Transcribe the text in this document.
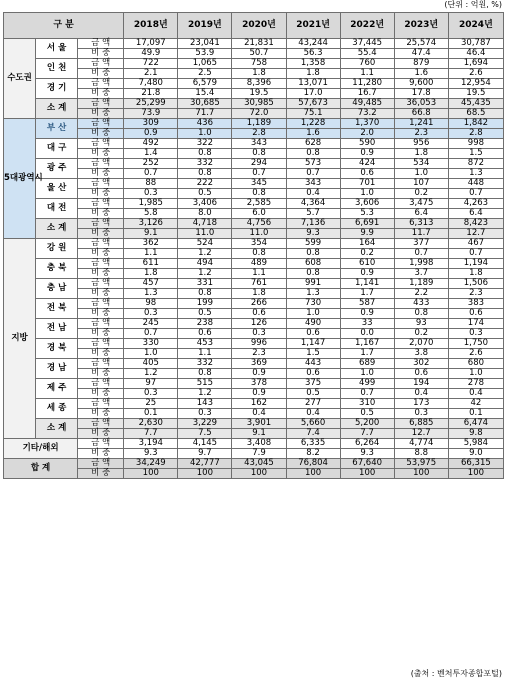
(단위 : 억원, %)
구 분			2018년	2019년	2020년	2021년	2022년	2023년	2024년
수도권	서 울	금 액	17,097	23,041	21,831	43,244	37,445	25,574	30,787
		비 중	49.9	53.9	50.7	56.3	55.4	47.4	46.4
	인 천	금 액	722	1,065	758	1,358	760	879	1,694
		비 중	2.1	2.5	1.8	1.8	1.1	1.6	2.6
	경 기	금 액	7,480	6,579	8,396	13,071	11,280	9,600	12,954
		비 중	21.8	15.4	19.5	17.0	16.7	17.8	19.5
	소 계	금 액	25,299	30,685	30,985	57,673	49,485	36,053	45,435
		비 중	73.9	71.7	72.0	75.1	73.2	66.8	68.5
5대광역시	부 산	금 액	309	436	1,189	1,228	1,370	1,241	1,842
		비 중	0.9	1.0	2.8	1.6	2.0	2.3	2.8
	대 구	금 액	492	322	343	628	590	956	998
		비 중	1.4	0.8	0.8	0.8	0.9	1.8	1.5
	광 주	금 액	252	332	294	573	424	534	872
		비 중	0.7	0.8	0.7	0.7	0.6	1.0	1.3
	울 산	금 액	88	222	345	343	701	107	448
		비 중	0.3	0.5	0.8	0.4	1.0	0.2	0.7
	대 전	금 액	1,985	3,406	2,585	4,364	3,606	3,475	4,263
		비 중	5.8	8.0	6.0	5.7	5.3	6.4	6.4
	소 계	금 액	3,126	4,718	4,756	7,136	6,691	6,313	8,423
		비 중	9.1	11.0	11.0	9.3	9.9	11.7	12.7
지방	강 원	금 액	362	524	354	599	164	377	467
		비 중	1.1	1.2	0.8	0.8	0.2	0.7	0.7
	충 북	금 액	611	494	489	608	610	1,998	1,194
		비 중	1.8	1.2	1.1	0.8	0.9	3.7	1.8
	충 남	금 액	457	331	761	991	1,141	1,189	1,506
		비 중	1.3	0.8	1.8	1.3	1.7	2.2	2.3
	전 북	금 액	98	199	266	730	587	433	383
		비 중	0.3	0.5	0.6	1.0	0.9	0.8	0.6
	전 남	금 액	245	238	126	490	33	93	174
		비 중	0.7	0.6	0.3	0.6	0.0	0.2	0.3
	경 북	금 액	330	453	996	1,147	1,167	2,070	1,750
		비 중	1.0	1.1	2.3	1.5	1.7	3.8	2.6
	경 남	금 액	405	332	369	443	689	302	680
		비 중	1.2	0.8	0.9	0.6	1.0	0.6	1.0
	제 주	금 액	97	515	378	375	499	194	278
		비 중	0.3	1.2	0.9	0.5	0.7	0.4	0.4
	세 종	금 액	25	143	162	277	310	173	42
		비 중	0.1	0.3	0.4	0.4	0.5	0.3	0.1
	소 계	금 액	2,630	3,229	3,901	5,660	5,200	6,885	6,474
		비 중	7.7	7.5	9.1	7.4	7.7	12.7	9.8
기타/해외		금 액	3,194	4,145	3,408	6,335	6,264	4,774	5,984
		비 중	9.3	9.7	7.9	8.2	9.3	8.8	9.0
합 계		금 액	34,249	42,777	43,045	76,804	67,640	53,975	66,315
		비 중	100	100	100	100	100	100	100
(출처 : 벤처투자종합포털)
